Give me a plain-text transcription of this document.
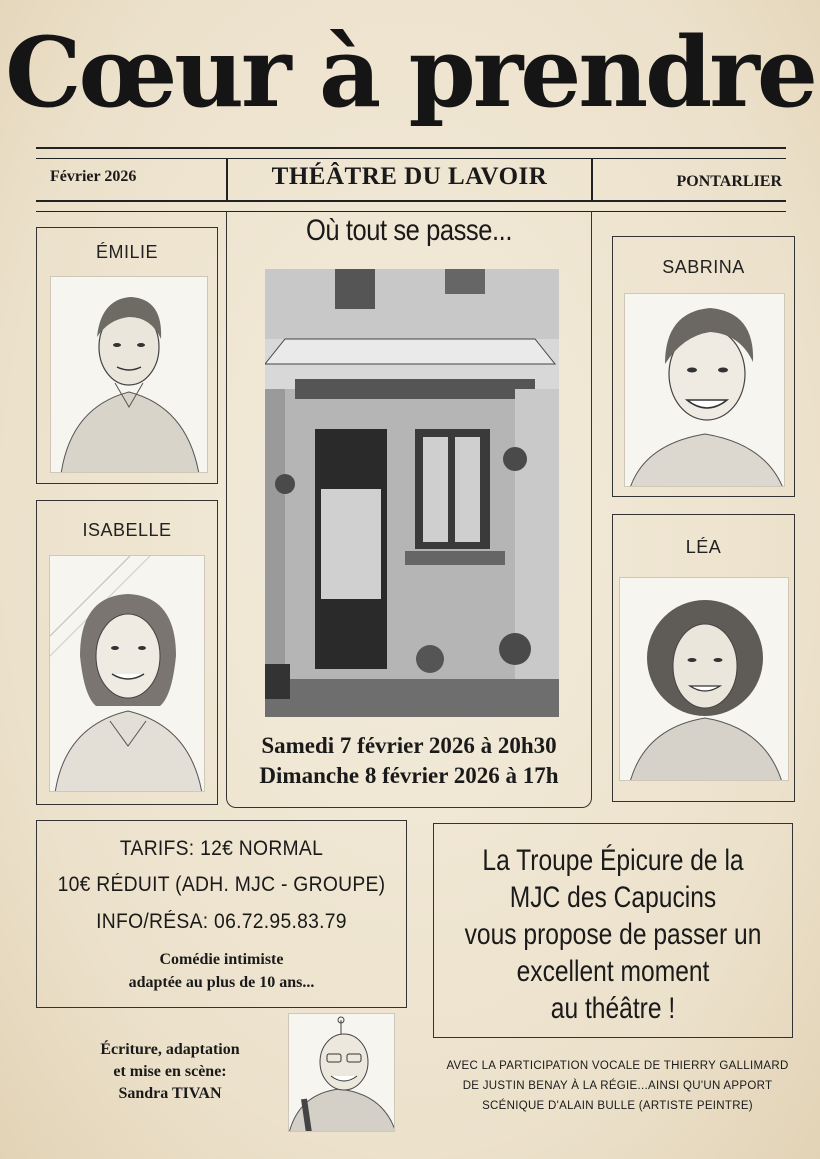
Cœur à prendre
Février 2026	THÉÂTRE DU LAVOIR	PONTARLIER
ÉMILIE
ISABELLE
Où tout se passe...
Samedi 7 février 2026 à 20h30
Dimanche 8 février 2026 à 17h
SABRINA
LÉA
TARIFS: 12€ NORMAL
10€ RÉDUIT (ADH. MJC - GROUPE)
INFO/RÉSA: 06.72.95.83.79
Comédie intimiste
adaptée au plus de 10 ans...
La Troupe Épicure de la
MJC des Capucins
vous propose de passer un
excellent moment
au théâtre !
Écriture, adaptation
et mise en scène:
Sandra TIVAN
AVEC LA PARTICIPATION VOCALE DE THIERRY GALLIMARD
DE JUSTIN BENAY À LA RÉGIE...AINSI QU'UN APPORT
SCÉNIQUE D'ALAIN BULLE (ARTISTE PEINTRE)
